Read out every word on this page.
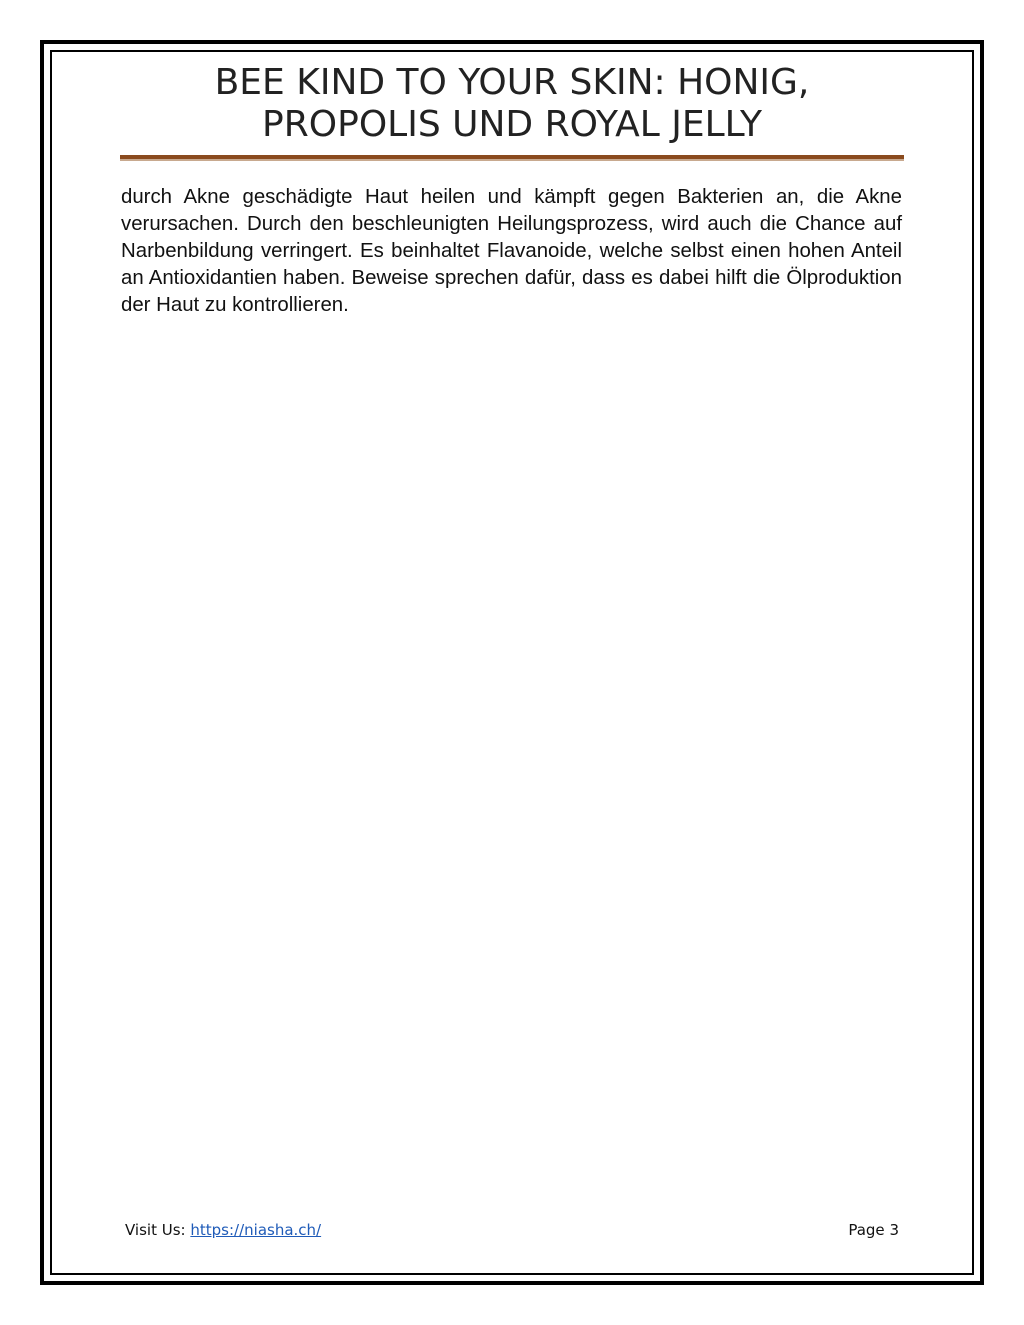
BEE KIND TO YOUR SKIN: HONIG, PROPOLIS UND ROYAL JELLY

durch Akne geschädigte Haut heilen und kämpft gegen Bakterien an, die Akne verursachen. Durch den beschleunigten Heilungsprozess, wird auch die Chance auf Narbenbildung verringert. Es beinhaltet Flavanoide, welche selbst einen hohen Anteil an Antioxidantien haben. Beweise sprechen dafür, dass es dabei hilft die Ölproduktion der Haut zu kontrollieren.

Visit Us: https://niasha.ch/	Page 3
